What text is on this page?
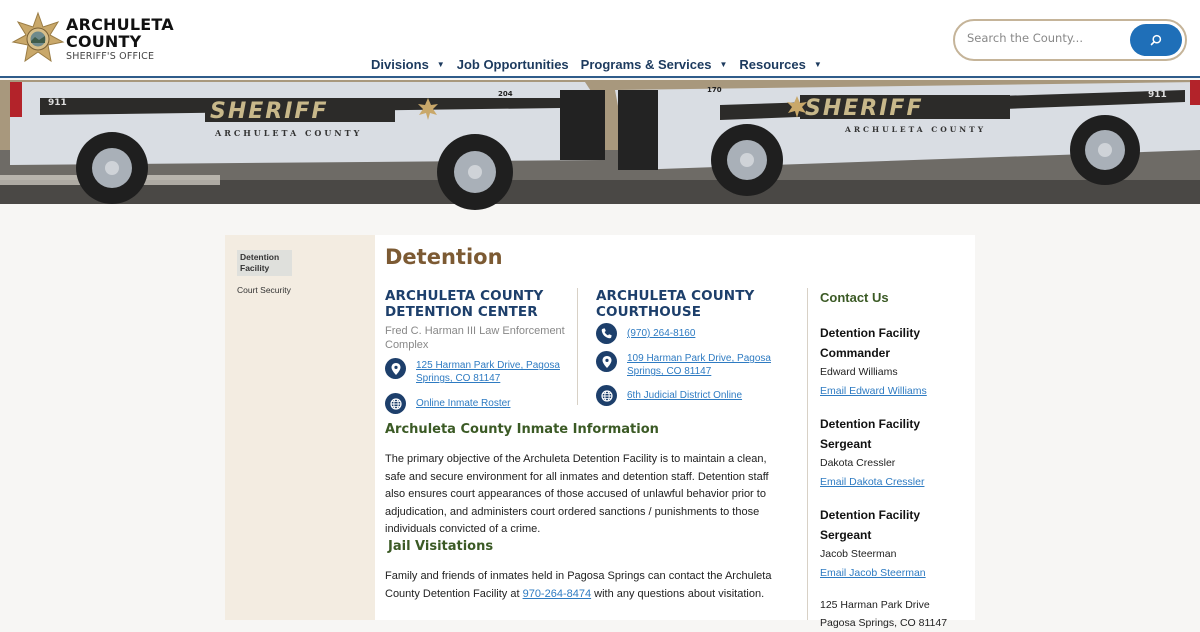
ARCHULETA
COUNTY
SHERIFF'S OFFICE
Divisions ▼ Job Opportunities Programs & Services ▼ Resources ▼
Search the County...
SHERIFF
ARCHULETA COUNTY
911
204
SHERIFF
ARCHULETA COUNTY
911
170
Detention Facility
Court Security
Detention
ARCHULETA COUNTY DETENTION CENTER
Fred C. Harman III Law Enforcement Complex
125 Harman Park Drive, Pagosa Springs, CO 81147
Online Inmate Roster
ARCHULETA COUNTY COURTHOUSE
(970) 264-8160
109 Harman Park Drive, Pagosa Springs, CO 81147
6th Judicial District Online
Archuleta County Inmate Information

The primary objective of the Archuleta Detention Facility is to maintain a clean, safe and secure environment for all inmates and detention staff. Detention staff also ensures court appearances of those accused of unlawful behavior prior to adjudication, and administers court ordered sanctions / punishments to those individuals convicted of a crime.

Jail Visitations

Family and friends of inmates held in Pagosa Springs can contact the Archuleta County Detention Facility at 970-264-8474 with any questions about visitation.

Contact Us
Detention Facility Commander
Edward Williams
Email Edward Williams
Detention Facility Sergeant
Dakota Cressler
Email Dakota Cressler
Detention Facility Sergeant
Jacob Steerman
Email Jacob Steerman
125 Harman Park Drive
Pagosa Springs, CO 81147
